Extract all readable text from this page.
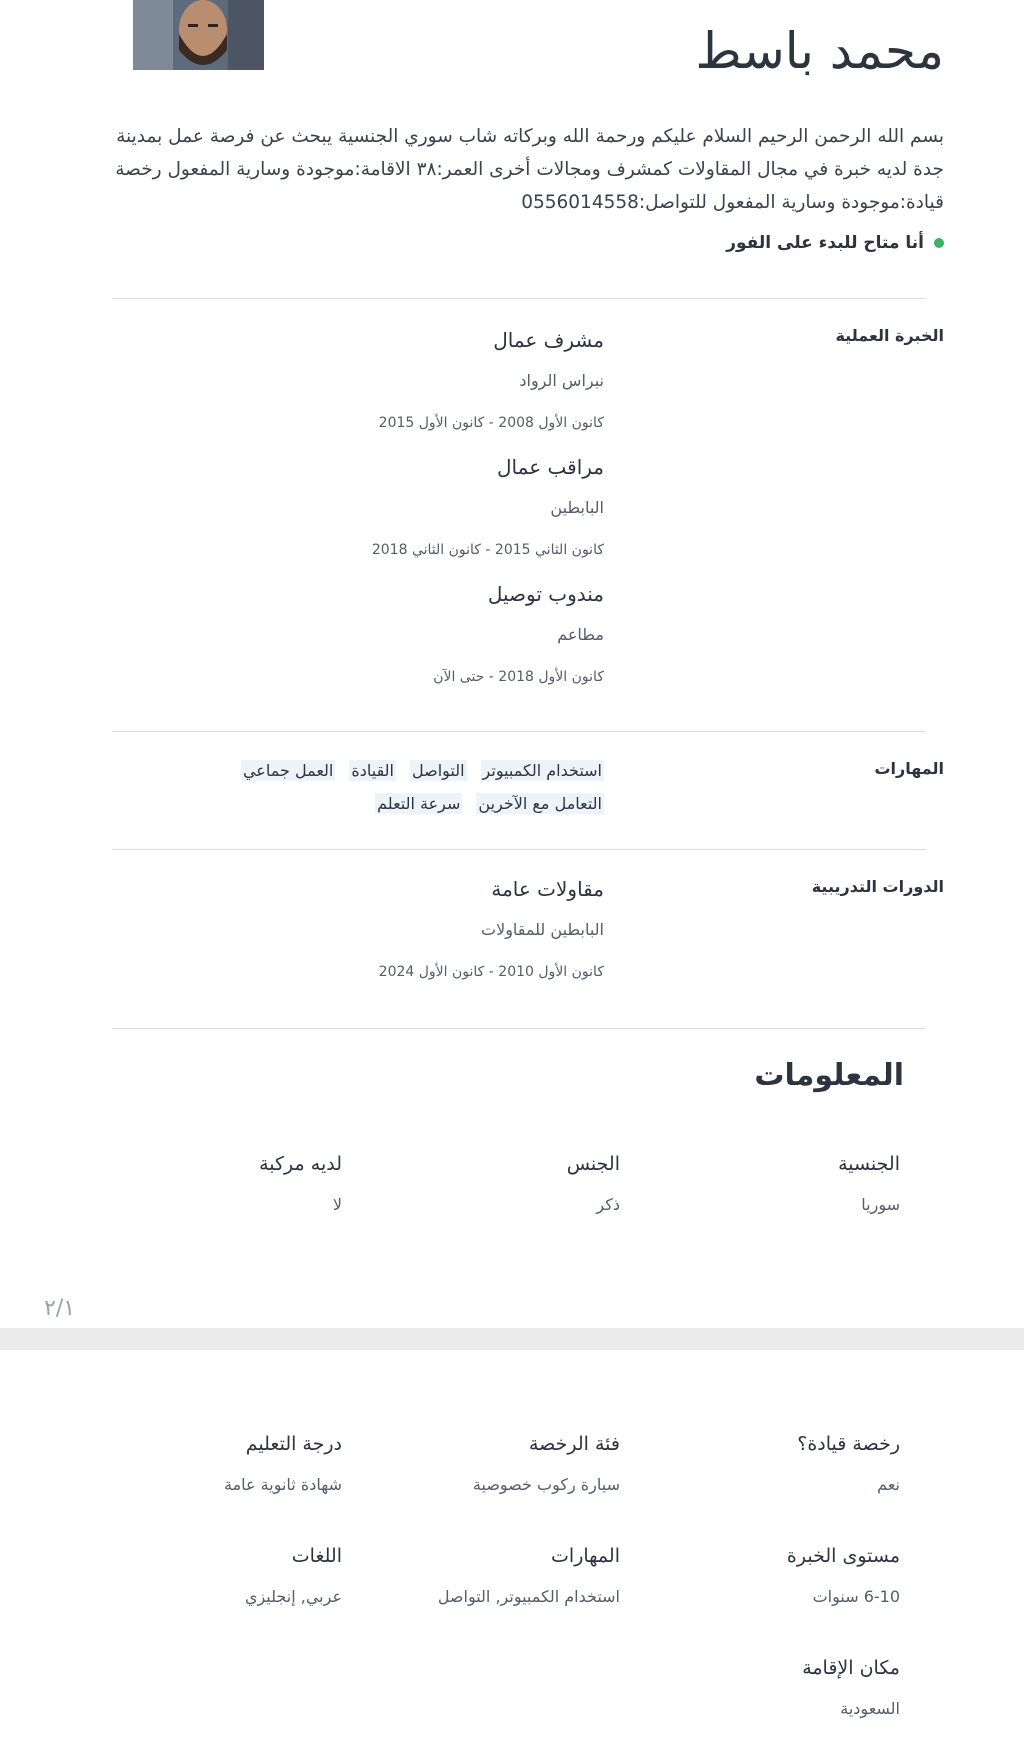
محمد باسط

بسم الله الرحمن الرحيم السلام عليكم ورحمة الله وبركاته شاب سوري الجنسية يبحث عن فرصة عمل بمدينة جدة لديه خبرة في مجال المقاولات كمشرف ومجالات أخرى العمر:٣٨ الاقامة:موجودة وسارية المفعول رخصة قيادة:موجودة وسارية المفعول للتواصل:0556014558

أنا متاح للبدء على الفور
الخبرة العملية
مشرف عمال
نبراس الرواد
كانون الأول 2008 - كانون الأول 2015
مراقب عمال
البابطين
كانون الثاني 2015 - كانون الثاني 2018
مندوب توصيل
مطاعم
كانون الأول 2018 - حتى الآن
المهارات
استخدام الكمبيوتر
التواصل
القيادة
العمل جماعي
التعامل مع الآخرين
سرعة التعلم
الدورات التدريبية
مقاولات عامة
البابطين للمقاولات
كانون الأول 2010 - كانون الأول 2024
المعلومات
الجنسية
سوريا
الجنس
ذكر
لديه مركبة
لا
٢/١
رخصة قيادة؟
نعم
فئة الرخصة
سيارة ركوب خصوصية
درجة التعليم
شهادة ثانوية عامة
مستوى الخبرة
6-10 سنوات
المهارات
استخدام الكمبيوتر, التواصل
اللغات
عربي, إنجليزي
مكان الإقامة
السعودية
